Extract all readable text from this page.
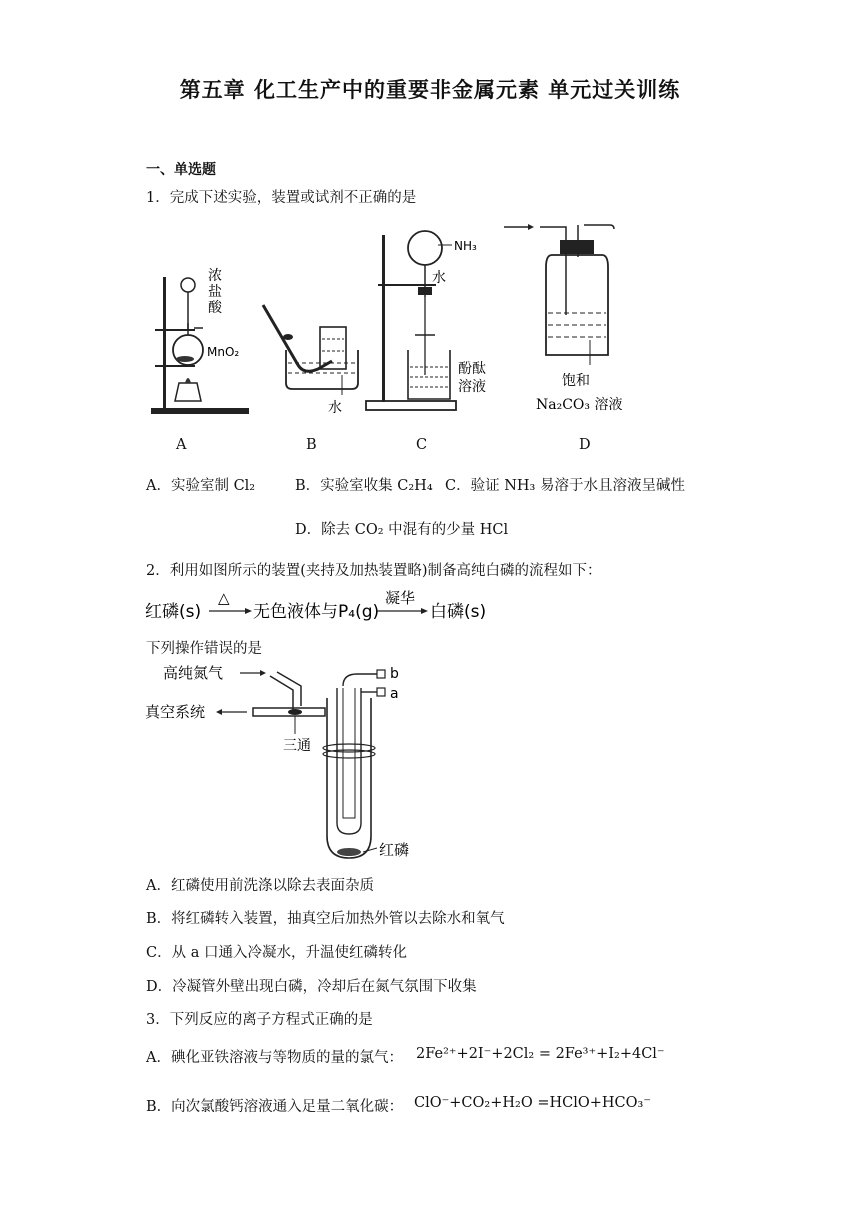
第五章 化工生产中的重要非金属元素 单元过关训练
一、单选题
1．完成下述实验，装置或试剂不正确的是
浓
盐
酸
MnO₂
水
NH₃
水
酚酞
溶液	饱和
Na₂CO₃ 溶液
A	B	C	D
A．实验室制 Cl₂	B．实验室收集 C₂H₄ C．验证 NH₃ 易溶于水且溶液呈碱性
D．除去 CO₂ 中混有的少量 HCl
2．利用如图所示的装置(夹持及加热装置略)制备高纯白磷的流程如下：
红磷(s)
△
无色液体与P₄(g)
凝华
白磷(s)
下列操作错误的是
高纯氮气
真空系统
三通
b
a
红磷
A．红磷使用前洗涤以除去表面杂质
B．将红磷转入装置，抽真空后加热外管以去除水和氧气
C．从 a 口通入冷凝水，升温使红磷转化
D．冷凝管外壁出现白磷，冷却后在氮气氛围下收集
3．下列反应的离子方程式正确的是
A．碘化亚铁溶液与等物质的量的氯气： 2Fe²⁺+2I⁻+2Cl₂ = 2Fe³⁺+I₂+4Cl⁻
B．向次氯酸钙溶液通入足量二氧化碳： ClO⁻+CO₂+H₂O =HClO+HCO₃⁻
